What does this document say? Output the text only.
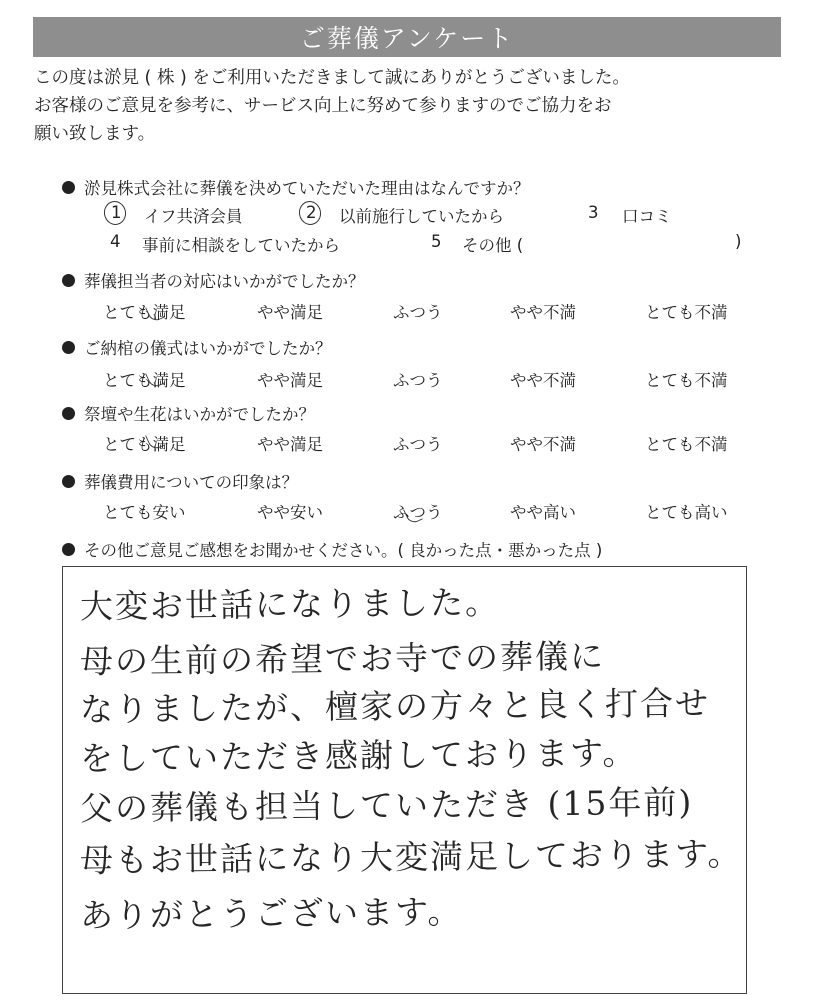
ご葬儀アンケート
この度は淤見 ( 株 ) をご利用いただきまして誠にありがとうございました。
お客様のご意見を参考に、サービス向上に努めて参りますのでご協力をお
願い致します。
淤見株式会社に葬儀を決めていただいた理由はなんですか？
1 イフ共済会員	2 以前施行していたから	3 口コミ
4 事前に相談をしていたから	5 その他 (	)
葬儀担当者の対応はいかがでしたか？
とても満足	やや満足	ふつう	やや不満	とても不満
ご納棺の儀式はいかがでしたか？
とても満足	やや満足	ふつう	やや不満	とても不満
祭壇や生花はいかがでしたか？
とても満足	やや満足	ふつう	やや不満	とても不満
葬儀費用についての印象は？
とても安い	やや安い	ふつう	やや高い	とても高い
その他ご意見ご感想をお聞かせください。( 良かった点・悪かった点 )
大変お世話になりました。
母の生前の希望でお寺での葬儀に
なりましたが、檀家の方々と良く打合せ
をしていただき感謝しております。
父の葬儀も担当していただき (15年前)
母もお世話になり大変満足しております。
ありがとうございます。
